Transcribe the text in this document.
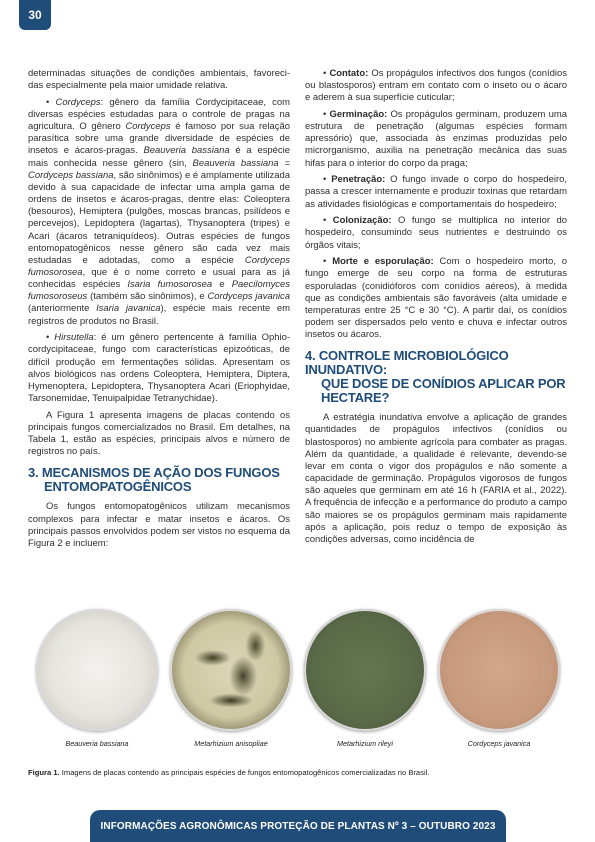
30

determinadas situações de condições ambientais, favoreci-das especialmente pela maior umidade relativa.

• Cordyceps: gênero da família Cordycipitaceae, com diversas espécies estudadas para o controle de pragas na agricultura. O gênero Cordyceps é famoso por sua relação parasítica sobre uma grande diversidade de espécies de insetos e ácaros-pragas. Beauveria bassiana é a espécie mais conhecida nesse gênero (sin, Beauveria bassiana = Cordyceps bassiana, são sinônimos) e é amplamente utilizada devido à sua capacidade de infectar uma ampla gama de ordens de insetos e ácaros-pragas, dentre elas: Coleoptera (besouros), Hemiptera (pulgões, moscas brancas, psilídeos e percevejos), Lepidoptera (lagartas), Thysanoptera (tripes) e Acari (ácaros tetraniquídeos). Outras espécies de fungos entomopatogênicos nesse gênero são cada vez mais estudadas e adotadas, como a espécie Cordyceps fumosorosea, que é o nome correto e usual para as já conhecidas espécies Isaria fumosorosea e Paecilomyces fumosoroseus (também são sinônimos), e Cordyceps javanica (anteriormente Isaria javanica), espécie mais recente em registros de produtos no Brasil.

• Hirsutella: é um gênero pertencente à família Ophio-cordycipitaceae, fungo com características epizoóticas, de difícil produção em fermentações sólidas. Apresentam os alvos biológicos nas ordens Coleoptera, Hemiptera, Diptera, Hymenoptera, Lepidoptera, Thysanoptera Acari (Eriophyidae, Tarsonemidae, Tenuipalpidae Tetranychidae).

A Figura 1 apresenta imagens de placas contendo os principais fungos comercializados no Brasil. Em detalhes, na Tabela 1, estão as espécies, principais alvos e número de registros no país.

3. MECANISMOS DE AÇÃO DOS FUNGOS
ENTOMOPATOGÊNICOS

Os fungos entomopatogênicos utilizam mecanismos complexos para infectar e matar insetos e ácaros. Os principais passos envolvidos podem ser vistos no esquema da Figura 2 e incluem:

• Contato: Os propágulos infectivos dos fungos (conídios ou blastosporos) entram em contato com o inseto ou o ácaro e aderem à sua superfície cuticular;

• Germinação: Os propágulos germinam, produzem uma estrutura de penetração (algumas espécies formam apressório) que, associada às enzimas produzidas pelo microrganismo, auxilia na penetração mecânica das suas hifas para o interior do corpo da praga;

• Penetração: O fungo invade o corpo do hospedeiro, passa a crescer internamente e produzir toxinas que retardam as atividades fisiológicas e comportamentais do hospedeiro;

• Colonização: O fungo se multiplica no interior do hospedeiro, consumindo seus nutrientes e destruindo os órgãos vitais;

• Morte e esporulação: Com o hospedeiro morto, o fungo emerge de seu corpo na forma de estruturas esporuladas (conidióforos com conídios aéreos), à medida que as condições ambientais são favoráveis (alta umidade e temperaturas entre 25 °C e 30 °C). A partir daí, os conídios podem ser dispersados pelo vento e chuva e infectar outros insetos ou ácaros.

4. CONTROLE MICROBIOLÓGICO INUNDATIVO:
QUE DOSE DE CONÍDIOS APLICAR POR
HECTARE?

A estratégia inundativa envolve a aplicação de grandes quantidades de propágulos infectivos (conídios ou blastosporos) no ambiente agrícola para combater as pragas. Além da quantidade, a qualidade é relevante, devendo-se levar em conta o vigor dos propágulos e não somente a capacidade de germinação. Propágulos vigorosos de fungos são aqueles que germinam em até 16 h (FARIA et al., 2022). A frequência de infecção e a performance do produto a campo são maiores se os propágulos germinam mais rapidamente após a aplicação, pois reduz o tempo de exposição às condições adversas, como incidência de

Beauveria bassiana	Metarhizium anisopliae	Metarhizium rileyi	Cordyceps javanica

Figura 1. Imagens de placas contendo as principais espécies de fungos entomopatogênicos comercializadas no Brasil.

INFORMAÇÕES AGRONÔMICAS PROTEÇÃO DE PLANTAS Nº 3 – OUTUBRO 2023
